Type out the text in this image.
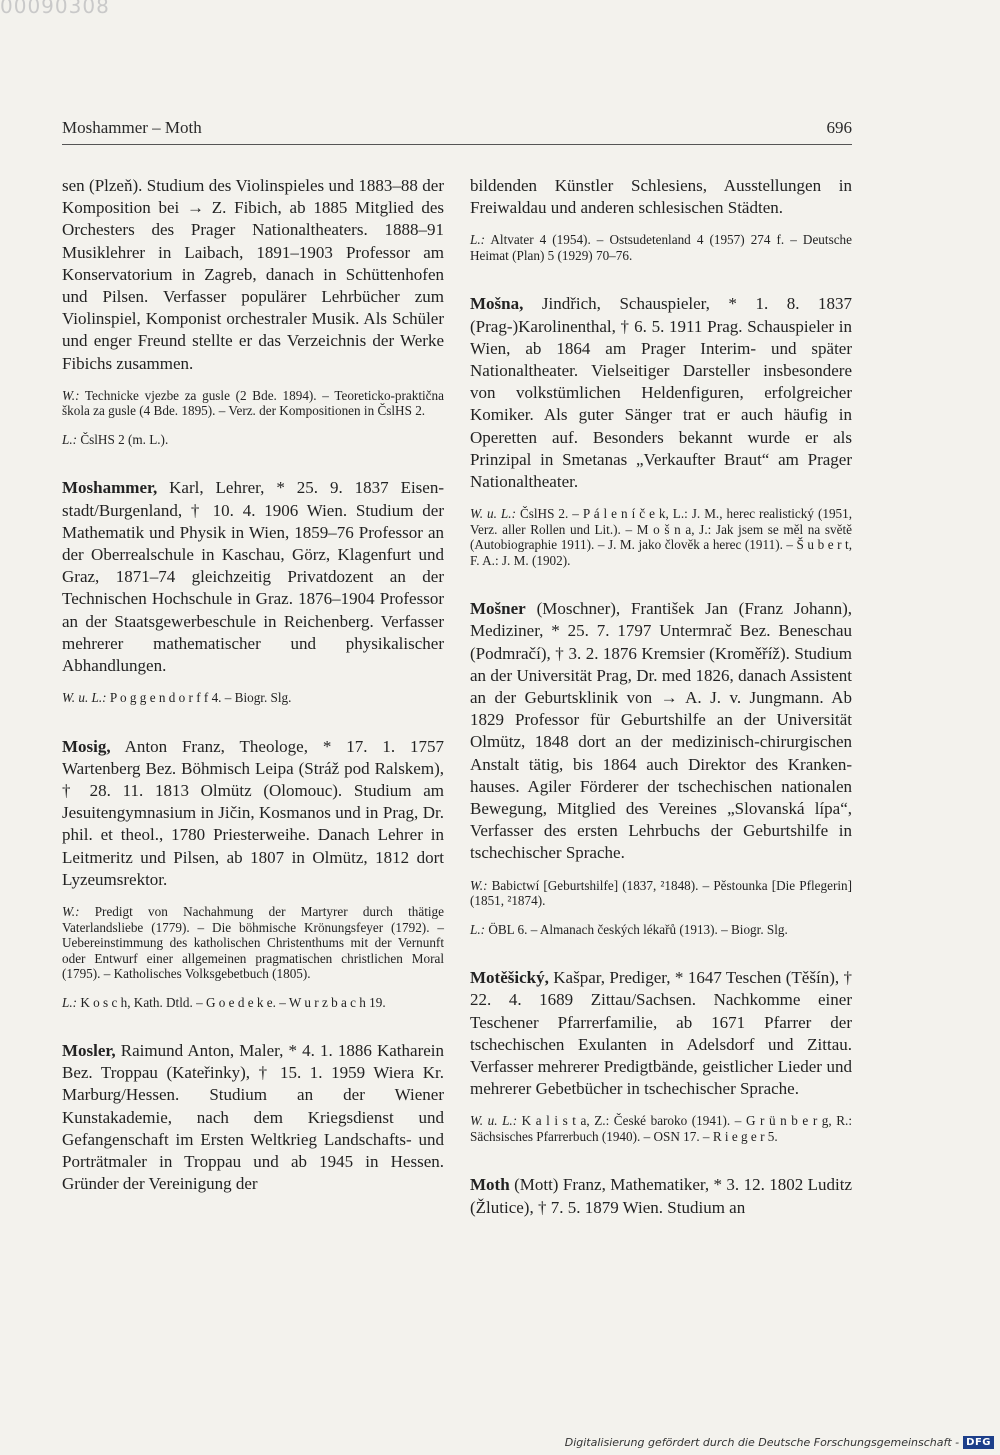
00090308
Moshammer – Moth	696

sen (Plzeň). Studium des Violinspieles und 1883–88 der Komposition bei → Z. Fibich, ab 1885 Mitglied des Orchesters des Prager Nationaltheaters. 1888–91 Musiklehrer in Laibach, 1891–1903 Professor am Konservatorium in Zagreb, danach in Schüttenhofen und Pilsen. Verfasser populärer Lehrbücher zum Violinspiel, Komponist orchestraler Musik. Als Schüler und enger Freund stellte er das Verzeichnis der Werke Fibichs zusammen.

W.: Technicke vjezbe za gusle (2 Bde. 1894). – Teoreticko-praktična škola za gusle (4 Bde. 1895). – Verz. der Kompositionen in ČslHS 2.

L.: ČslHS 2 (m. L.).

Moshammer, Karl, Lehrer, * 25. 9. 1837 Eisenstadt/Burgenland, † 10. 4. 1906 Wien. Studium der Mathematik und Physik in Wien, 1859–76 Professor an der Oberrealschule in Kaschau, Görz, Klagenfurt und Graz, 1871–74 gleichzeitig Privatdozent an der Technischen Hochschule in Graz. 1876–1904 Professor an der Staatsgewerbeschule in Reichenberg. Verfasser mehrerer mathematischer und physikalischer Abhandlungen.

W. u. L.: P o g g e n d o r f f 4. – Biogr. Slg.

Mosig, Anton Franz, Theologe, * 17. 1. 1757 Wartenberg Bez. Böhmisch Leipa (Stráž pod Ralskem), † 28. 11. 1813 Olmütz (Olomouc). Studium am Jesuitengymnasium in Jičin, Kosmanos und in Prag, Dr. phil. et theol., 1780 Priesterweihe. Danach Lehrer in Leitmeritz und Pilsen, ab 1807 in Olmütz, 1812 dort Lyzeumsrektor.

W.: Predigt von Nachahmung der Martyrer durch thätige Vaterlandsliebe (1779). – Die böhmische Krönungsfeyer (1792). – Uebereinstimmung des katholischen Christenthums mit der Vernunft oder Entwurf einer allgemeinen pragmatischen christlichen Moral (1795). – Katholisches Volksgebetbuch (1805).

L.: K o s c h, Kath. Dtld. – G o e d e k e. – W u r z b a c h 19.

Mosler, Raimund Anton, Maler, * 4. 1. 1886 Katharein Bez. Troppau (Kateřinky), † 15. 1. 1959 Wiera Kr. Marburg/Hessen. Studium an der Wiener Kunstakademie, nach dem Kriegsdienst und Gefangenschaft im Ersten Weltkrieg Landschafts- und Porträtmaler in Troppau und ab 1945 in Hessen. Gründer der Vereinigung der

bildenden Künstler Schlesiens, Ausstellungen in Freiwaldau und anderen schlesischen Städten.

L.: Altvater 4 (1954). – Ostsudetenland 4 (1957) 274 f. – Deutsche Heimat (Plan) 5 (1929) 70–76.

Mošna, Jindřich, Schauspieler, * 1. 8. 1837 (Prag-)Karolinenthal, † 6. 5. 1911 Prag. Schauspieler in Wien, ab 1864 am Prager Interim- und später Nationaltheater. Vielseitiger Darsteller insbesondere von volkstümlichen Heldenfiguren, erfolgreicher Komiker. Als guter Sänger trat er auch häufig in Operetten auf. Besonders bekannt wurde er als Prinzipal in Smetanas „Verkaufter Braut“ am Prager Nationaltheater.

W. u. L.: ČslHS 2. – P á l e n í č e k, L.: J. M., herec realistický (1951, Verz. aller Rollen und Lit.). – M o š n a, J.: Jak jsem se měl na světě (Autobiographie 1911). – J. M. jako člověk a herec (1911). – Š u b e r t, F. A.: J. M. (1902).

Mošner (Moschner), František Jan (Franz Johann), Mediziner, * 25. 7. 1797 Untermrač Bez. Beneschau (Podmračí), † 3. 2. 1876 Kremsier (Kroměříž). Studium an der Universität Prag, Dr. med 1826, danach Assistent an der Geburtsklinik von → A. J. v. Jungmann. Ab 1829 Professor für Geburtshilfe an der Universität Olmütz, 1848 dort an der medizinisch-chirurgischen Anstalt tätig, bis 1864 auch Direktor des Krankenhauses. Agiler Förderer der tschechischen nationalen Bewegung, Mitglied des Vereines „Slovanská lípa“, Verfasser des ersten Lehrbuchs der Geburtshilfe in tschechischer Sprache.

W.: Babictwí [Geburtshilfe] (1837, ²1848). – Pěstounka [Die Pflegerin] (1851, ²1874).

L.: ÖBL 6. – Almanach českých lékařů (1913). – Biogr. Slg.

Motěšický, Kašpar, Prediger, * 1647 Teschen (Těšín), † 22. 4. 1689 Zittau/Sachsen. Nachkomme einer Teschener Pfarrerfamilie, ab 1671 Pfarrer der tschechischen Exulanten in Adelsdorf und Zittau. Verfasser mehrerer Predigtbände, geistlicher Lieder und mehrerer Gebetbücher in tschechischer Sprache.

W. u. L.: K a l i s t a, Z.: České baroko (1941). – G r ü n b e r g, R.: Sächsisches Pfarrerbuch (1940). – OSN 17. – R i e g e r 5.

Moth (Mott) Franz, Mathematiker, * 3. 12. 1802 Luditz (Žlutice), † 7. 5. 1879 Wien. Studium an

Digitalisierung gefördert durch die Deutsche Forschungsgemeinschaft - DFG
